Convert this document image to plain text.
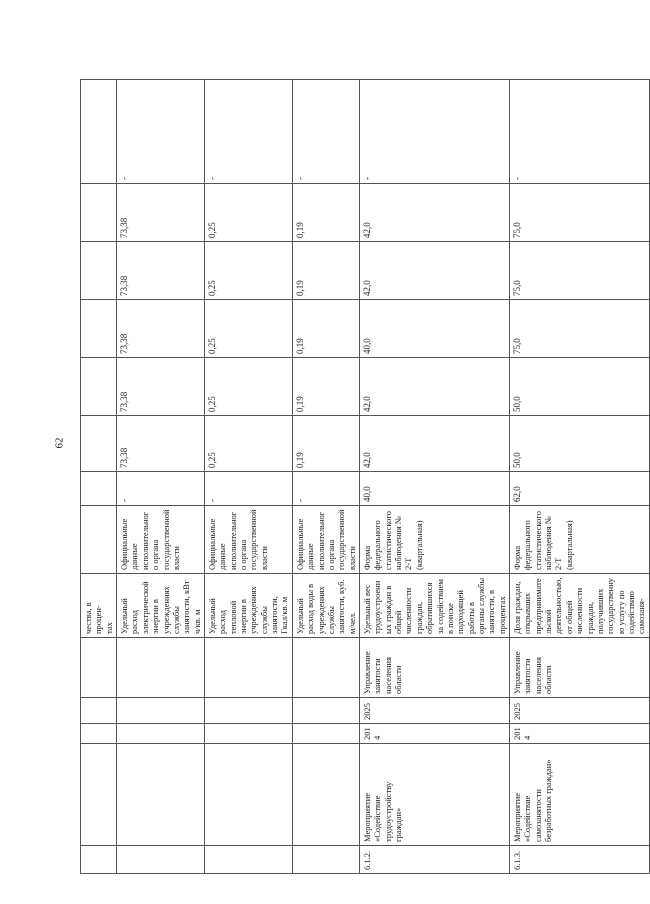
62
					чества, в процен-
тах								
					Удельный расход электрической энергии в учреждениях службы занятости, кВт ч/кв. м	Официальные данные исполнительного органа государственной власти	-	73,38	73,38	73,38	73,38	73,38	-
					Удельный расход тепловой энергии в учреждениях службы занятости, Гкал/кв. м	Официальные данные исполнительного органа государственной власти	-	0,25	0,25	0,25	0,25	0,25	-
					Удельный расход воды в учреждениях службы занятости, куб. м/чел.	Официальные данные исполнительного органа государственной власти	-	0,19	0,19	0,19	0,19	0,19	-
6.1.2.	Мероприятие «Содействие трудоустройству граждан»	2014	2025	Управление занятости населения области	Удельный вес трудоустроенных граждан в общей численности граждан, обратившихся за содействием в поиске подходящей работы в органы службы занятости, в процентах	Форма федерального статистического наблюдения № 2-Т (квартальная)	40,0	42,0	42,0	40,0	42,0	42,0	-
6.1.3.	Мероприятие «Содействие самозанятости безработных граждан»	2014	2025	Управление занятости населения области	Доля граждан, открывших предпринимательской деятельностью, от общей численности граждан, получивших государственную услугу по содействию самозаня-	Форма федерального статистического наблюдения № 2-Т (квартальная)	62,0	50,0	50,0	75,0	75,0	75,0	-
